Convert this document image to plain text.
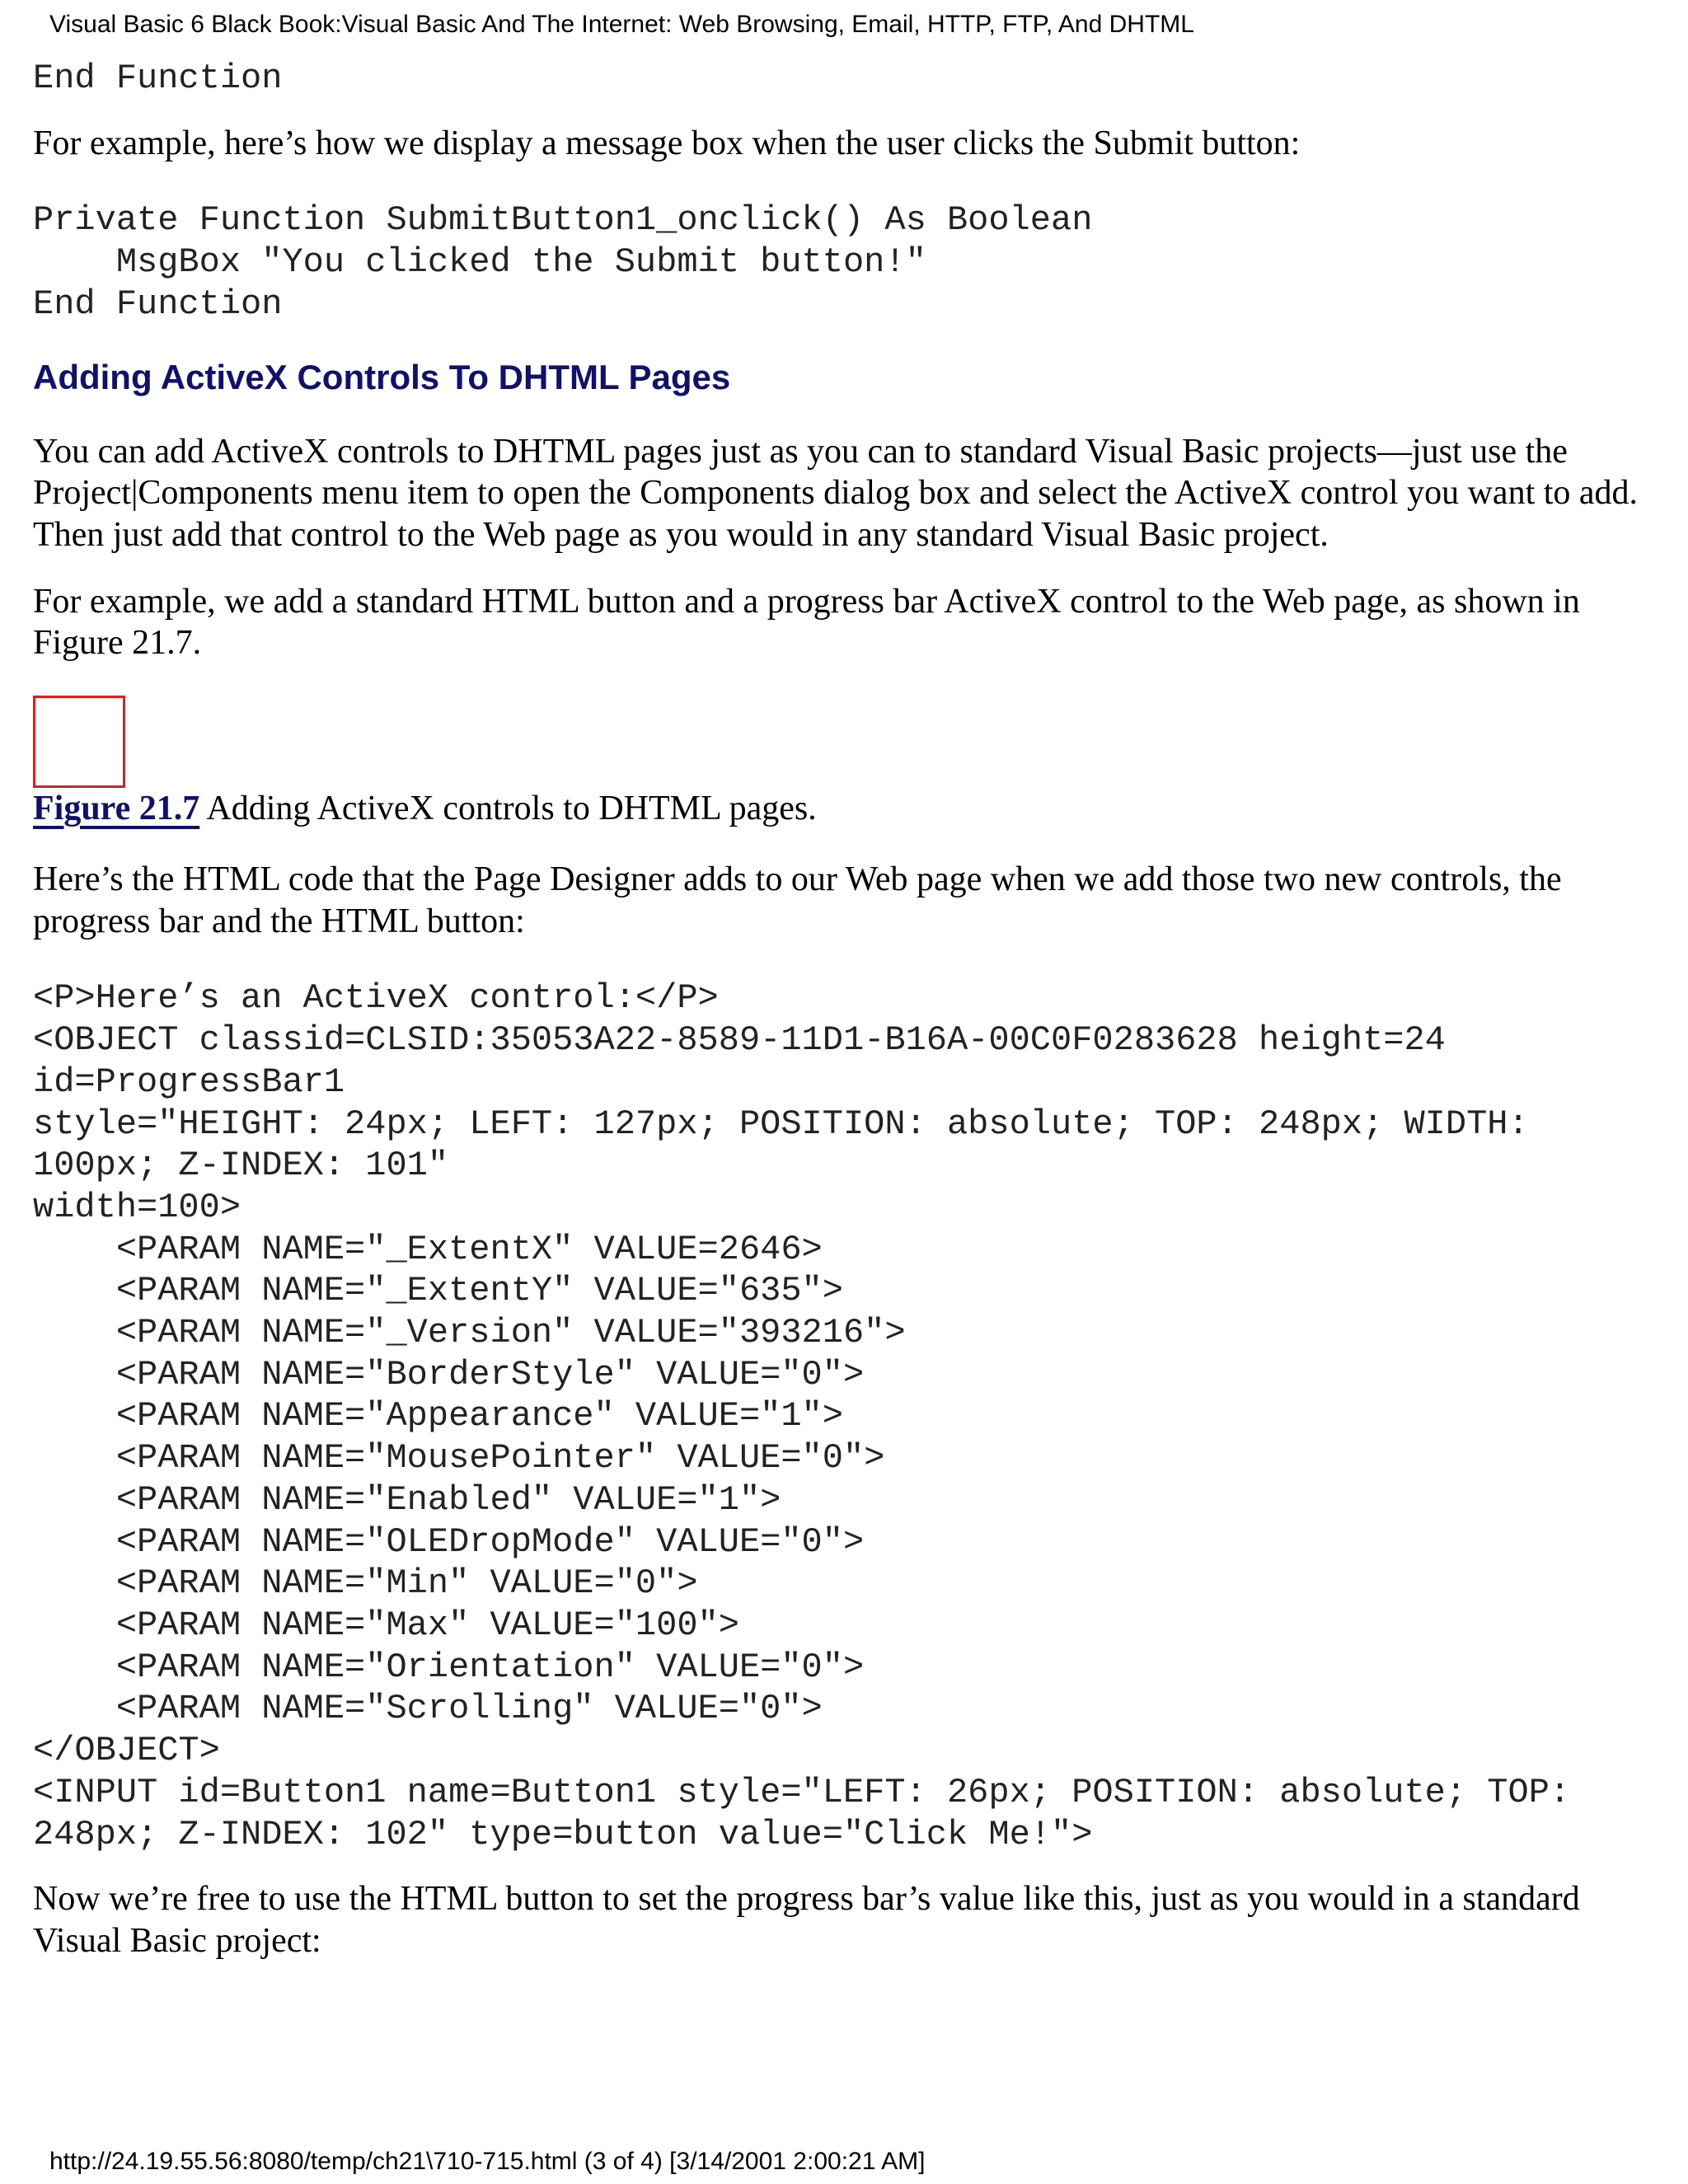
Visual Basic 6 Black Book:Visual Basic And The Internet: Web Browsing, Email, HTTP, FTP, And DHTML
End Function

For example, here’s how we display a message box when the user clicks the Submit button:

Private Function SubmitButton1_onclick() As Boolean
MsgBox "You clicked the Submit button!"
End Function
Adding ActiveX Controls To DHTML Pages

You can add ActiveX controls to DHTML pages just as you can to standard Visual Basic projects—just use the Project|Components menu item to open the Components dialog box and select the ActiveX control you want to add. Then just add that control to the Web page as you would in any standard Visual Basic project.

For example, we add a standard HTML button and a progress bar ActiveX control to the Web page, as shown in Figure 21.7.

Figure 21.7 Adding ActiveX controls to DHTML pages.

Here’s the HTML code that the Page Designer adds to our Web page when we add those two new controls, the progress bar and the HTML button:

<P>Here’s an ActiveX control:</P>
<OBJECT classid=CLSID:35053A22-8589-11D1-B16A-00C0F0283628 height=24
id=ProgressBar1
style="HEIGHT: 24px; LEFT: 127px; POSITION: absolute; TOP: 248px; WIDTH:
100px; Z-INDEX: 101"
width=100>
<PARAM NAME="_ExtentX" VALUE=2646>
<PARAM NAME="_ExtentY" VALUE="635">
<PARAM NAME="_Version" VALUE="393216">
<PARAM NAME="BorderStyle" VALUE="0">
<PARAM NAME="Appearance" VALUE="1">
<PARAM NAME="MousePointer" VALUE="0">
<PARAM NAME="Enabled" VALUE="1">
<PARAM NAME="OLEDropMode" VALUE="0">
<PARAM NAME="Min" VALUE="0">
<PARAM NAME="Max" VALUE="100">
<PARAM NAME="Orientation" VALUE="0">
<PARAM NAME="Scrolling" VALUE="0">
</OBJECT>
<INPUT id=Button1 name=Button1 style="LEFT: 26px; POSITION: absolute; TOP:
248px; Z-INDEX: 102" type=button value="Click Me!">

Now we’re free to use the HTML button to set the progress bar’s value like this, just as you would in a standard Visual Basic project:

http://24.19.55.56:8080/temp/ch21\710-715.html (3 of 4) [3/14/2001 2:00:21 AM]
